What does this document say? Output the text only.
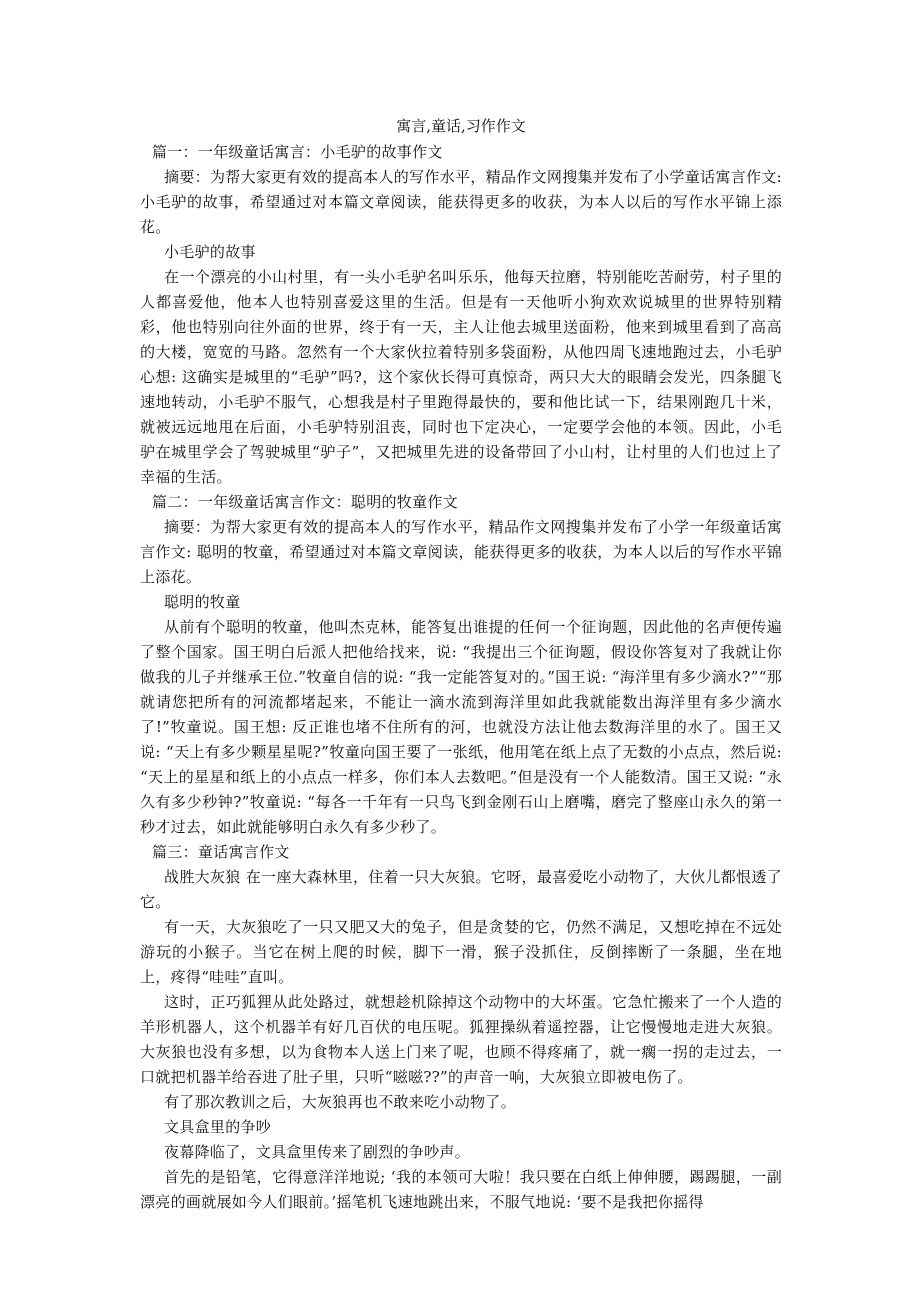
寓言,童话,习作作文

篇一：一年级童话寓言：小毛驴的故事作文

摘要：为帮大家更有效的提高本人的写作水平，精品作文网搜集并发布了小学童话寓言作文: 小毛驴的故事，希望通过对本篇文章阅读，能获得更多的收获，为本人以后的写作水平锦上添花。

小毛驴的故事

在一个漂亮的小山村里，有一头小毛驴名叫乐乐，他每天拉磨，特别能吃苦耐劳，村子里的人都喜爱他，他本人也特别喜爱这里的生活。但是有一天他听小狗欢欢说城里的世界特别精彩，他也特别向往外面的世界，终于有一天，主人让他去城里送面粉，他来到城里看到了高高的大楼，宽宽的马路。忽然有一个大家伙拉着特别多袋面粉，从他四周飞速地跑过去，小毛驴心想: 这确实是城里的“毛驴”吗?，这个家伙长得可真惊奇，两只大大的眼睛会发光，四条腿飞速地转动，小毛驴不服气，心想我是村子里跑得最快的，要和他比试一下，结果刚跑几十米，就被远远地甩在后面，小毛驴特别沮丧，同时也下定决心，一定要学会他的本领。因此，小毛驴在城里学会了驾驶城里“驴子”，又把城里先进的设备带回了小山村，让村里的人们也过上了幸福的生活。

篇二：一年级童话寓言作文：聪明的牧童作文

摘要：为帮大家更有效的提高本人的写作水平，精品作文网搜集并发布了小学一年级童话寓言作文: 聪明的牧童，希望通过对本篇文章阅读，能获得更多的收获，为本人以后的写作水平锦上添花。

聪明的牧童

从前有个聪明的牧童，他叫杰克林，能答复出谁提的任何一个征询题，因此他的名声便传遍了整个国家。国王明白后派人把他给找来，说: “我提出三个征询题，假设你答复对了我就让你做我的儿子并继承王位.”牧童自信的说: “我一定能答复对的。”国王说: “海洋里有多少滴水?”“那就请您把所有的河流都堵起来，不能让一滴水流到海洋里如此我就能数出海洋里有多少滴水了!”牧童说。国王想: 反正谁也堵不住所有的河，也就没方法让他去数海洋里的水了。国王又说: “天上有多少颗星星呢?”牧童向国王要了一张纸，他用笔在纸上点了无数的小点点，然后说: “天上的星星和纸上的小点点一样多，你们本人去数吧。”但是没有一个人能数清。国王又说: “永久有多少秒钟?”牧童说: “每各一千年有一只鸟飞到金刚石山上磨嘴，磨完了整座山永久的第一秒才过去，如此就能够明白永久有多少秒了。

篇三：童话寓言作文

战胜大灰狼 在一座大森林里，住着一只大灰狼。它呀，最喜爱吃小动物了，大伙儿都恨透了它。

有一天，大灰狼吃了一只又肥又大的兔子，但是贪婪的它，仍然不满足，又想吃掉在不远处游玩的小猴子。当它在树上爬的时候，脚下一滑，猴子没抓住，反倒摔断了一条腿，坐在地上，疼得“哇哇”直叫。

这时，正巧狐狸从此处路过，就想趁机除掉这个动物中的大坏蛋。它急忙搬来了一个人造的羊形机器人，这个机器羊有好几百伏的电压呢。狐狸操纵着遥控器，让它慢慢地走进大灰狼。大灰狼也没有多想，以为食物本人送上门来了呢，也顾不得疼痛了，就一瘸一拐的走过去，一口就把机器羊给吞进了肚子里，只听“嗞嗞??”的声音一响，大灰狼立即被电伤了。

有了那次教训之后，大灰狼再也不敢来吃小动物了。

文具盒里的争吵

夜幕降临了，文具盒里传来了剧烈的争吵声。

首先的是铅笔，它得意洋洋地说; ‘我的本领可大啦！我只要在白纸上伸伸腰，踢踢腿，一副漂亮的画就展如今人们眼前。’摇笔机飞速地跳出来，不服气地说: ‘要不是我把你摇得
